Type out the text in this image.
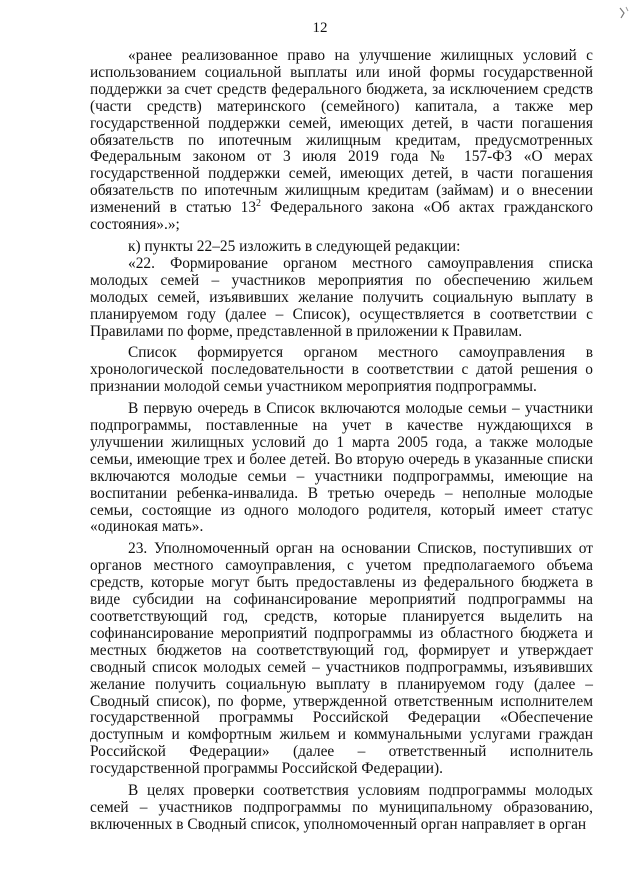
12

«ранее реализованное право на улучшение жилищных условий с использованием социальной выплаты или иной формы государственной поддержки за счет средств федерального бюджета, за исключением средств (части средств) материнского (семейного) капитала, а также мер государственной поддержки семей, имеющих детей, в части погашения обязательств по ипотечным жилищным кредитам, предусмотренных Федеральным законом от 3 июля 2019 года № 157-ФЗ «О мерах государственной поддержки семей, имеющих детей, в части погашения обязательств по ипотечным жилищным кредитам (займам) и о внесении изменений в статью $13^2$ Федерального закона «Об актах гражданского состояния».»;

к) пункты 22–25 изложить в следующей редакции:

«22. Формирование органом местного самоуправления списка молодых семей – участников мероприятия по обеспечению жильем молодых семей, изъявивших желание получить социальную выплату в планируемом году (далее – Список), осуществляется в соответствии с Правилами по форме, представленной в приложении к Правилам.

Список формируется органом местного самоуправления в хронологической последовательности в соответствии с датой решения о признании молодой семьи участником мероприятия подпрограммы.

В первую очередь в Список включаются молодые семьи – участники подпрограммы, поставленные на учет в качестве нуждающихся в улучшении жилищных условий до 1 марта 2005 года, а также молодые семьи, имеющие трех и более детей. Во вторую очередь в указанные списки включаются молодые семьи – участники подпрограммы, имеющие на воспитании ребенка-инвалида. В третью очередь – неполные молодые семьи, состоящие из одного молодого родителя, который имеет статус «одинокая мать».

23. Уполномоченный орган на основании Списков, поступивших от органов местного самоуправления, с учетом предполагаемого объема средств, которые могут быть предоставлены из федерального бюджета в виде субсидии на софинансирование мероприятий подпрограммы на соответствующий год, средств, которые планируется выделить на софинансирование мероприятий подпрограммы из областного бюджета и местных бюджетов на соответствующий год, формирует и утверждает сводный список молодых семей – участников подпрограммы, изъявивших желание получить социальную выплату в планируемом году (далее – Сводный список), по форме, утвержденной ответственным исполнителем государственной программы Российской Федерации «Обеспечение доступным и комфортным жильем и коммунальными услугами граждан Российской Федерации» (далее – ответственный исполнитель государственной программы Российской Федерации).

В целях проверки соответствия условиям подпрограммы молодых семей – участников подпрограммы по муниципальному образованию, включенных в Сводный список, уполномоченный орган направляет в орган
